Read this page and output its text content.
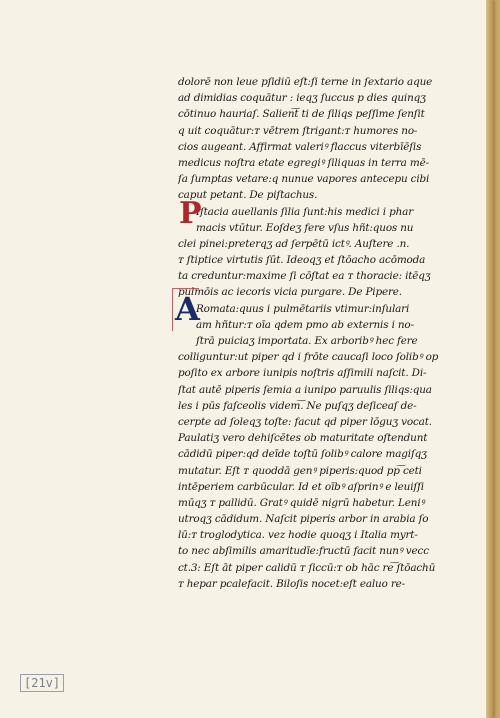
dolorē non leue pſidiū eſt:ſi terne in ſextario aque
ad dimidias coquātur : ieqʒ ſuccus p dies quinqʒ
cōtinuo hauriaſ. Salien͠t ti de ſiliqs peſſime ſenſit
q uit coquātur:ᴛ vētrem ſtrigant:ᴛ humores no-
cios augeant. Affirmat valeriꝰ flaccus viterbīēſis
medicus noſtra etate egregiꝰ ſiliquas in terra mē-
ſa ſumptas vetare:q nunue vapores antecepu cibi
caput petant. De piſtachus.
Iſtacia auellanis ſilia ſunt:his medici i phar
macis vtūtur. Eoſdeʒ fere vſus hñt:quos nu
clei pinei:preterqʒ ad ſerpētū ictꝰ. Auſtere .n.
ᴛ ſtiptice virtutis ſūt. Ideoqʒ et ſtōacho acōmoda
ta creduntur:maxime ſi cōſtat ea ᴛ thoracie: itēqʒ
pulmōis ac iecoris vicia purgare. De Pipere.
Romata:quus i pulmētariis vtimur:inſulari
am hñtur:ᴛ oīa qdem pmo ab externis i no-
ſtrā puiciaʒ importata. Ex arboribꝰ hec fere
colliguntur:ut piper qd i frōte caucaſi loco ſolibꝰ op
poſito ex arbore iunipis noſtris aſſimili naſcit. Di-
ſtat autē piperis ſemia a iunipo paruulis ſiliqs:qua
les i pūs faſceolis videm͠. Ne puſqʒ deſiceaſ de-
cerpte ad ſoleqʒ toſte: facut qd piper lōguʒ vocat.
Paulatiʒ vero dehiſcētes ob maturitate oſtendunt
cādidū piper:qd deīde toſtū ſolibꝰ calore magiſqʒ
mutatur. Eſt ᴛ quoddā genꝰ piperis:quod pp͠ ceti
intēperiem carbūcular. Id et oībꝰ aſprinꝰ e leuiſſi
mūqʒ ᴛ pallidū. Gratꝰ quidē nigrū habetur. Leniꝰ
utroqʒ cādidum. Naſcit piperis arbor in arabia ſo
lū:ᴛ troglodytica. vez hodie quoqʒ i Italia myrt-
to nec abſimilis amaritudīe:fructū facit nunꝰ vecc
ct.3: Eſt āt piper calidū ᴛ ſiccū:ᴛ ob hāc re͠ ſtōachū
ᴛ hepar pcalefacit. Biloſis nocet:eſt ealuo re-
P
A
[21v]
